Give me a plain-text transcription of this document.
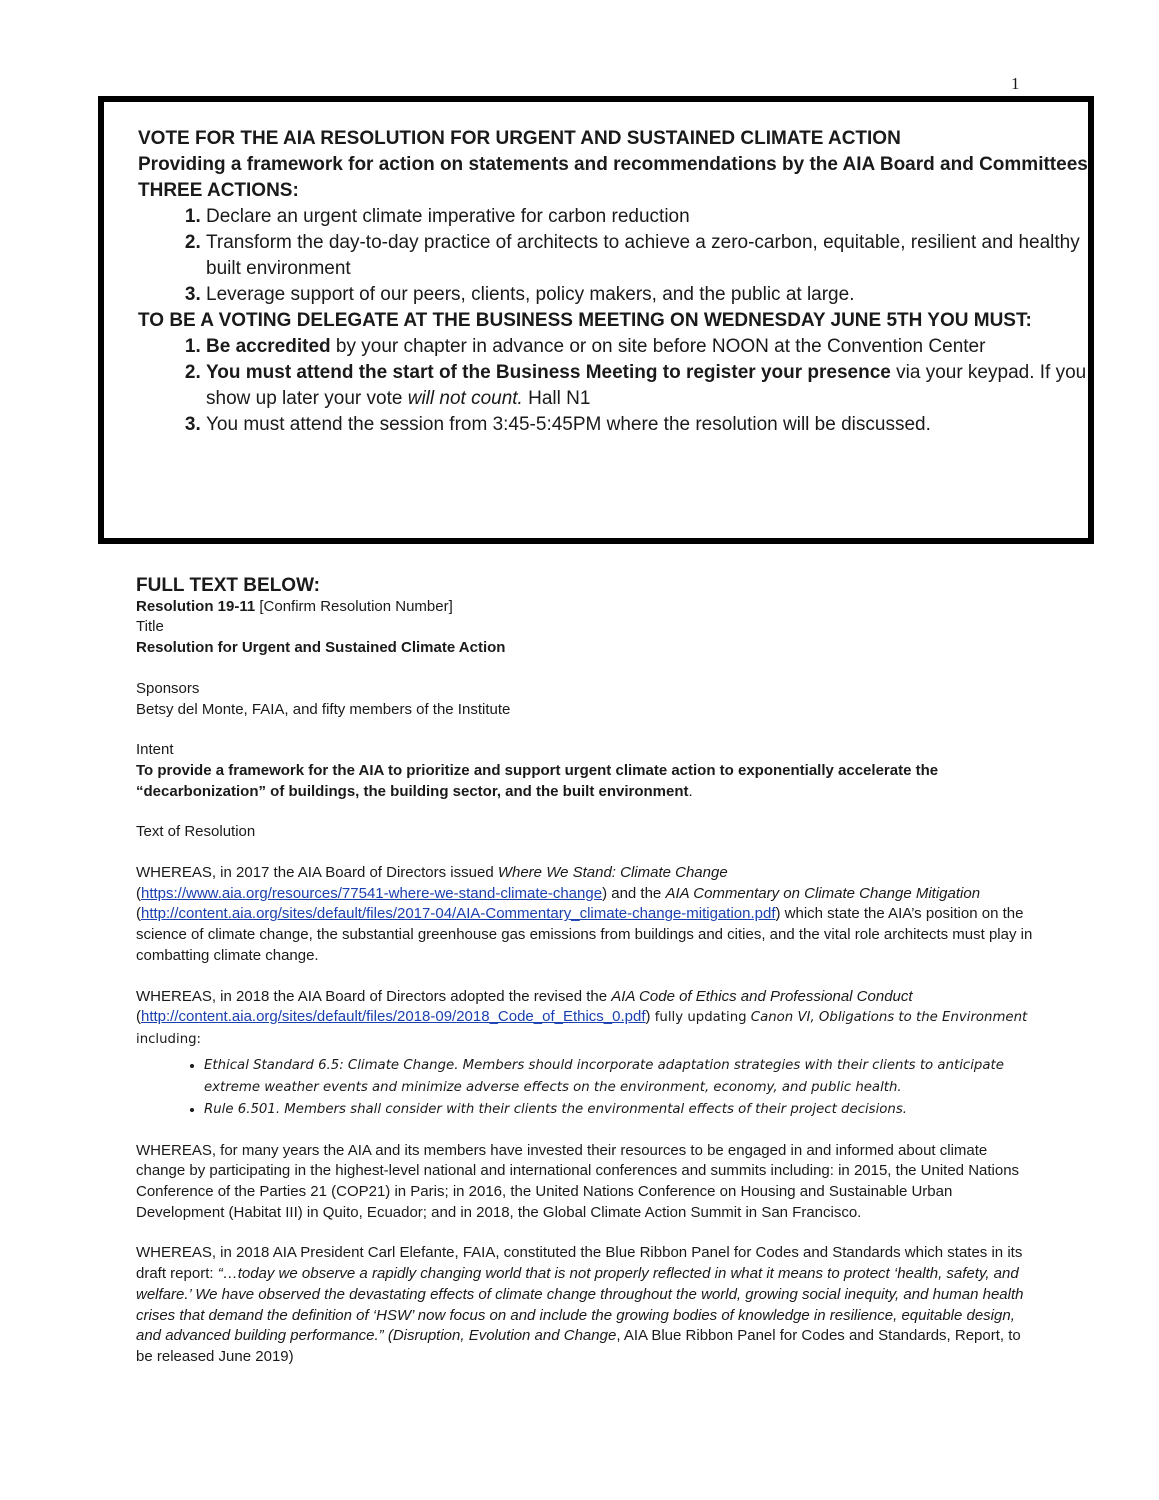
1

VOTE FOR THE AIA RESOLUTION FOR URGENT AND SUSTAINED CLIMATE ACTION

Providing a framework for action on statements and recommendations by the AIA Board and Committees

THREE ACTIONS:

1. Declare an urgent climate imperative for carbon reduction
2. Transform the day-to-day practice of architects to achieve a zero-carbon, equitable, resilient and healthy built environment
3. Leverage support of our peers, clients, policy makers, and the public at large.

TO BE A VOTING DELEGATE AT THE BUSINESS MEETING ON WEDNESDAY JUNE 5TH YOU MUST:

1. Be accredited by your chapter in advance or on site before NOON at the Convention Center
2. You must attend the start of the Business Meeting to register your presence via your keypad. If you show up later your vote will not count. Hall N1
3. You must attend the session from 3:45-5:45PM where the resolution will be discussed.

FULL TEXT BELOW:

Resolution 19-11 [Confirm Resolution Number]

Title

Resolution for Urgent and Sustained Climate Action

Sponsors

Betsy del Monte, FAIA, and fifty members of the Institute

Intent

To provide a framework for the AIA to prioritize and support urgent climate action to exponentially accelerate the “decarbonization” of buildings, the building sector, and the built environment.

Text of Resolution

WHEREAS, in 2017 the AIA Board of Directors issued Where We Stand: Climate Change
(https://www.aia.org/resources/77541-where-we-stand-climate-change) and the AIA Commentary on Climate Change Mitigation (http://content.aia.org/sites/default/files/2017-04/AIA-Commentary_climate-change-mitigation.pdf) which state the AIA’s position on the science of climate change, the substantial greenhouse gas emissions from buildings and cities, and the vital role architects must play in combatting climate change.

WHEREAS, in 2018 the AIA Board of Directors adopted the revised the AIA Code of Ethics and Professional Conduct
(http://content.aia.org/sites/default/files/2018-09/2018_Code_of_Ethics_0.pdf) fully updating Canon VI, Obligations to the Environment including:

• Ethical Standard 6.5: Climate Change. Members should incorporate adaptation strategies with their clients to anticipate extreme weather events and minimize adverse effects on the environment, economy, and public health.
• Rule 6.501. Members shall consider with their clients the environmental effects of their project decisions.

WHEREAS, for many years the AIA and its members have invested their resources to be engaged in and informed about climate change by participating in the highest-level national and international conferences and summits including: in 2015, the United Nations Conference of the Parties 21 (COP21) in Paris; in 2016, the United Nations Conference on Housing and Sustainable Urban Development (Habitat III) in Quito, Ecuador; and in 2018, the Global Climate Action Summit in San Francisco.

WHEREAS, in 2018 AIA President Carl Elefante, FAIA, constituted the Blue Ribbon Panel for Codes and Standards which states in its draft report: “…today we observe a rapidly changing world that is not properly reflected in what it means to protect ‘health, safety, and welfare.’ We have observed the devastating effects of climate change throughout the world, growing social inequity, and human health crises that demand the definition of ‘HSW’ now focus on and include the growing bodies of knowledge in resilience, equitable design, and advanced building performance.” (Disruption, Evolution and Change, AIA Blue Ribbon Panel for Codes and Standards, Report, to be released June 2019)
